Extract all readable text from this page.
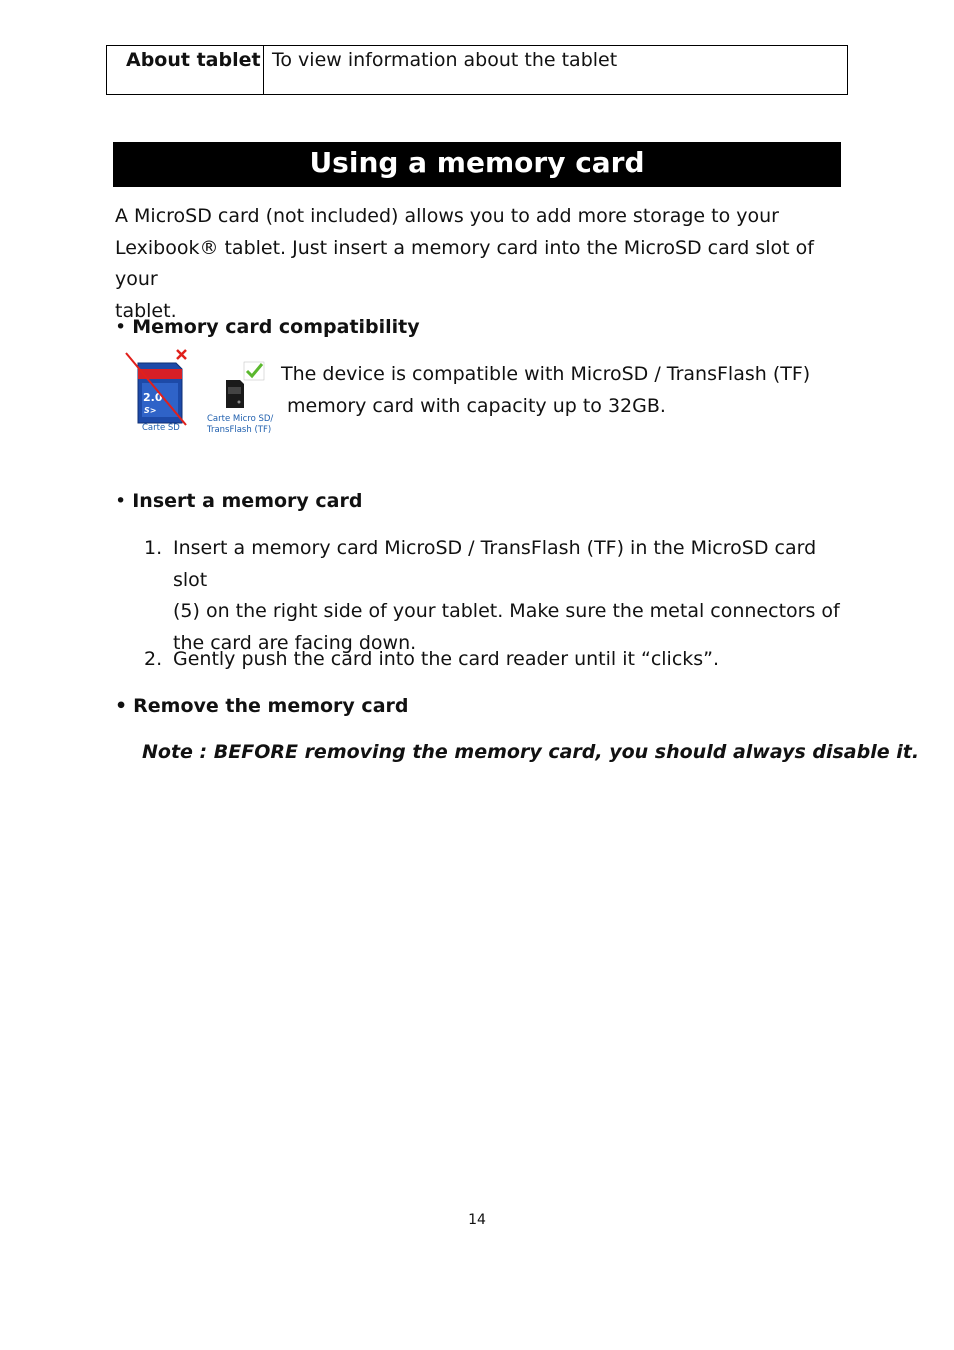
About tablet To view information about the tablet
Using a memory card
A MicroSD card (not included) allows you to add more storage to your
Lexibook® tablet. Just insert a memory card into the MicroSD card slot of your
tablet.
• Memory card compatibility
2.0
S>
Carte SD
Carte Micro SD/
TransFlash (TF)
The device is compatible with MicroSD / TransFlash (TF)
memory card with capacity up to 32GB.
• Insert a memory card
1. Insert a memory card MicroSD / TransFlash (TF) in the MicroSD card slot
(5) on the right side of your tablet. Make sure the metal connectors of
the card are facing down.
2. Gently push the card into the card reader until it “clicks”.
• Remove the memory card
Note : BEFORE removing the memory card, you should always disable it.
14
